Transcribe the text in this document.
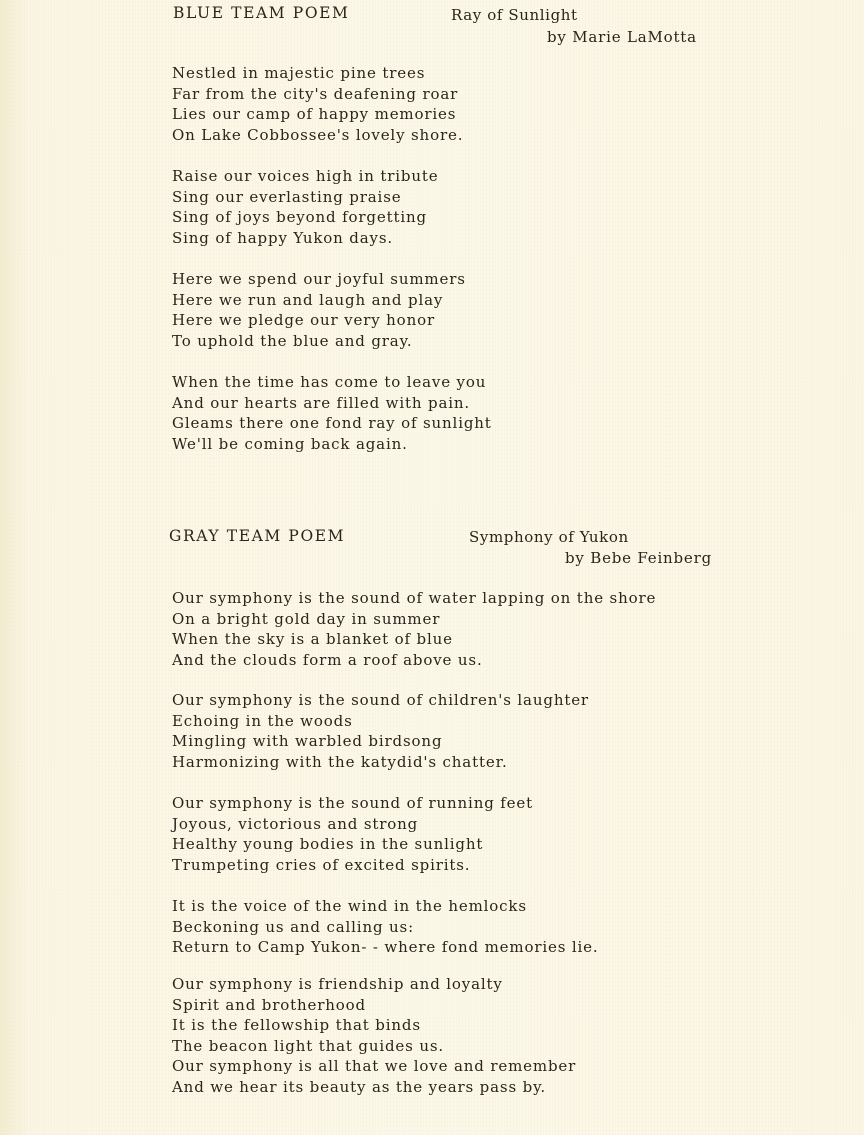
BLUE TEAM POEM	Ray of Sunlight
by Marie LaMotta
Nestled in majestic pine trees
Far from the city's deafening roar
Lies our camp of happy memories
On Lake Cobbossee's lovely shore.
Raise our voices high in tribute
Sing our everlasting praise
Sing of joys beyond forgetting
Sing of happy Yukon days.
Here we spend our joyful summers
Here we run and laugh and play
Here we pledge our very honor
To uphold the blue and gray.
When the time has come to leave you
And our hearts are filled with pain.
Gleams there one fond ray of sunlight
We'll be coming back again.
GRAY TEAM POEM	Symphony of Yukon
by Bebe Feinberg
Our symphony is the sound of water lapping on the shore
On a bright gold day in summer
When the sky is a blanket of blue
And the clouds form a roof above us.
Our symphony is the sound of children's laughter
Echoing in the woods
Mingling with warbled birdsong
Harmonizing with the katydid's chatter.
Our symphony is the sound of running feet
Joyous, victorious and strong
Healthy young bodies in the sunlight
Trumpeting cries of excited spirits.
It is the voice of the wind in the hemlocks
Beckoning us and calling us:
Return to Camp Yukon- - where fond memories lie.
Our symphony is friendship and loyalty
Spirit and brotherhood
It is the fellowship that binds
The beacon light that guides us.
Our symphony is all that we love and remember
And we hear its beauty as the years pass by.
